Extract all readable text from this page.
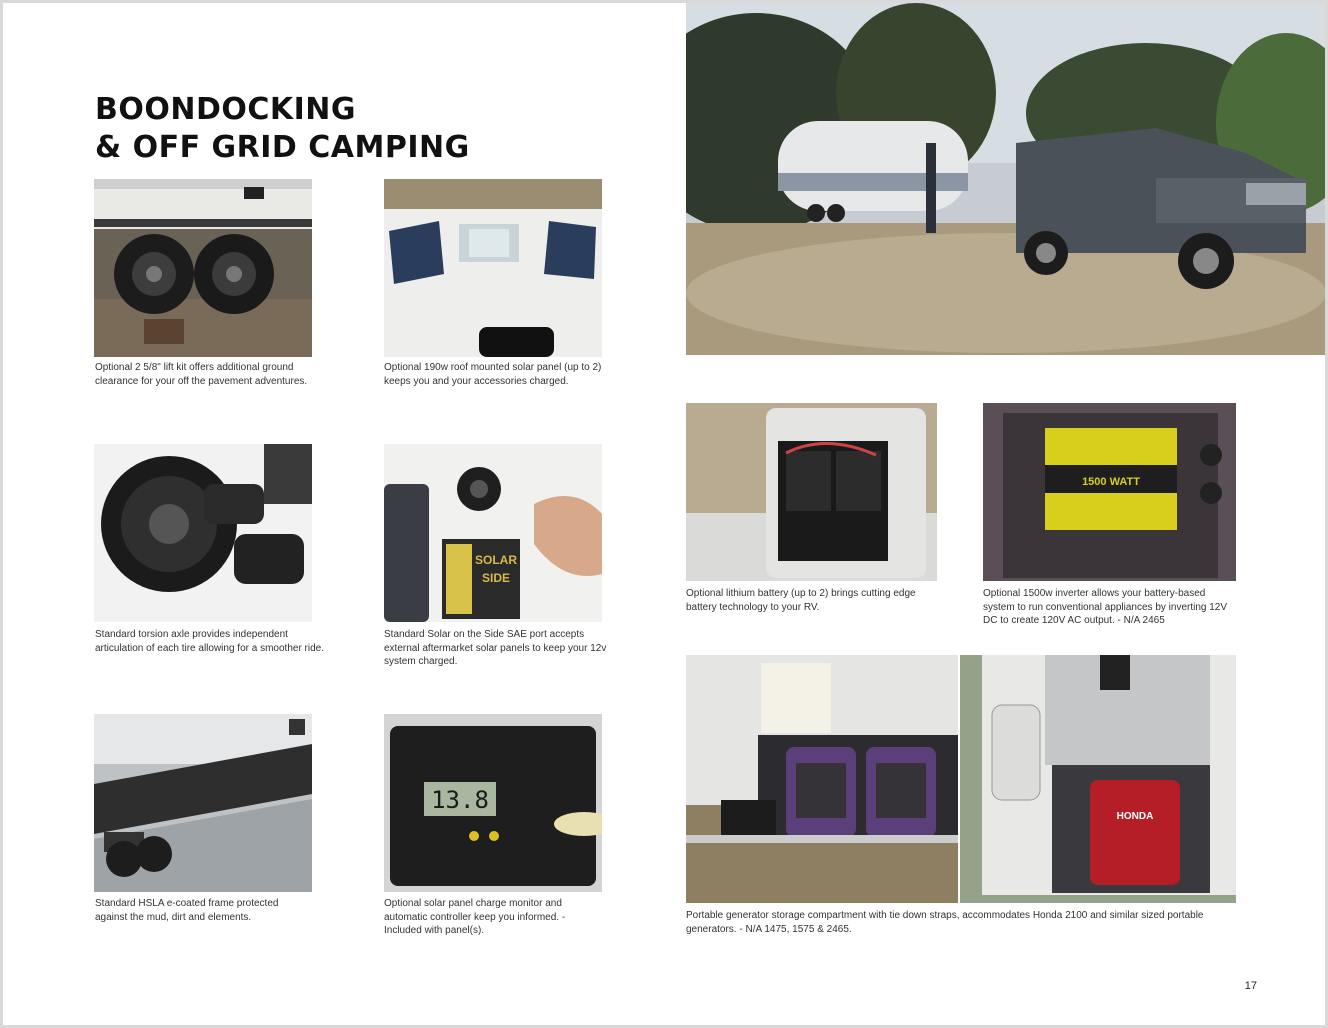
BOONDOCKING
& OFF GRID CAMPING

Optional 2 5/8" lift kit offers additional ground clearance for your off the pavement adventures.

Optional 190w roof mounted solar panel (up to 2) keeps you and your accessories charged.

Standard torsion axle provides independent articulation of each tire allowing for a smoother ride.

SOLAR
SIDE

Standard Solar on the Side SAE port accepts external aftermarket solar panels to keep your 12v system charged.

Standard HSLA e-coated frame protected against the mud, dirt and elements.

13.8

Optional solar panel charge monitor and automatic controller keep you informed. -Included with panel(s).

Optional lithium battery (up to 2) brings cutting edge battery technology to your RV.

1500 WATT

Optional 1500w inverter allows your battery-based system to run conventional appliances by inverting 12V DC to create 120V AC output. - N/A 2465

HONDA

Portable generator storage compartment with tie down straps, accommodates Honda 2100 and similar sized portable generators. - N/A 1475, 1575 & 2465.

17
